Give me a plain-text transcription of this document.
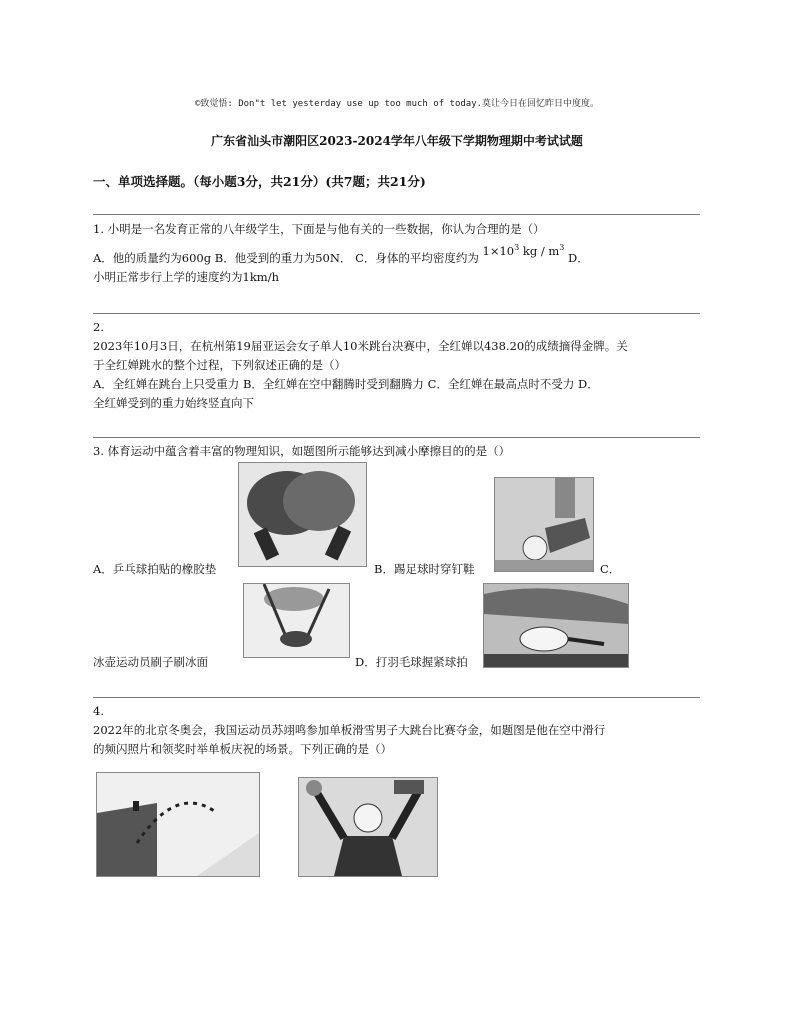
©致觉悟: Don"t let yesterday use up too much of today.莫让今日在回忆昨日中度度。
广东省汕头市潮阳区2023-2024学年八年级下学期物理期中考试试题
一、单项选择题。（每小题3分，共21分）(共7题；共21分)

1. 小明是一名发育正常的八年级学生，下面是与他有关的一些数据，你认为合理的是（）

A．他的质量约为600g B．他受到的重力为50N． C．身体的平均密度约为 $1\times 10^3$ kg / $m^3$ D．

小明正常步行上学的速度约为1km/h

2.

2023年10月3日，在杭州第19届亚运会女子单人10米跳台决赛中，全红婵以438.20的成绩摘得金牌。关

于全红婵跳水的整个过程，下列叙述正确的是（）

A．全红婵在跳台上只受重力 B．全红婵在空中翻腾时受到翻腾力 C．全红婵在最高点时不受力 D．

全红婵受到的重力始终竖直向下

3. 体育运动中蕴含着丰富的物理知识，如题图所示能够达到减小摩擦目的的是（）

A．乒乓球拍贴的橡胶垫	B．踢足球时穿钉鞋	C．
冰壶运动员刷子刷冰面	D．打羽毛球握紧球拍

4.

2022年的北京冬奥会，我国运动员苏翊鸣参加单板滑雪男子大跳台比赛夺金，如题图是他在空中滑行

的频闪照片和领奖时举单板庆祝的场景。下列正确的是（）
